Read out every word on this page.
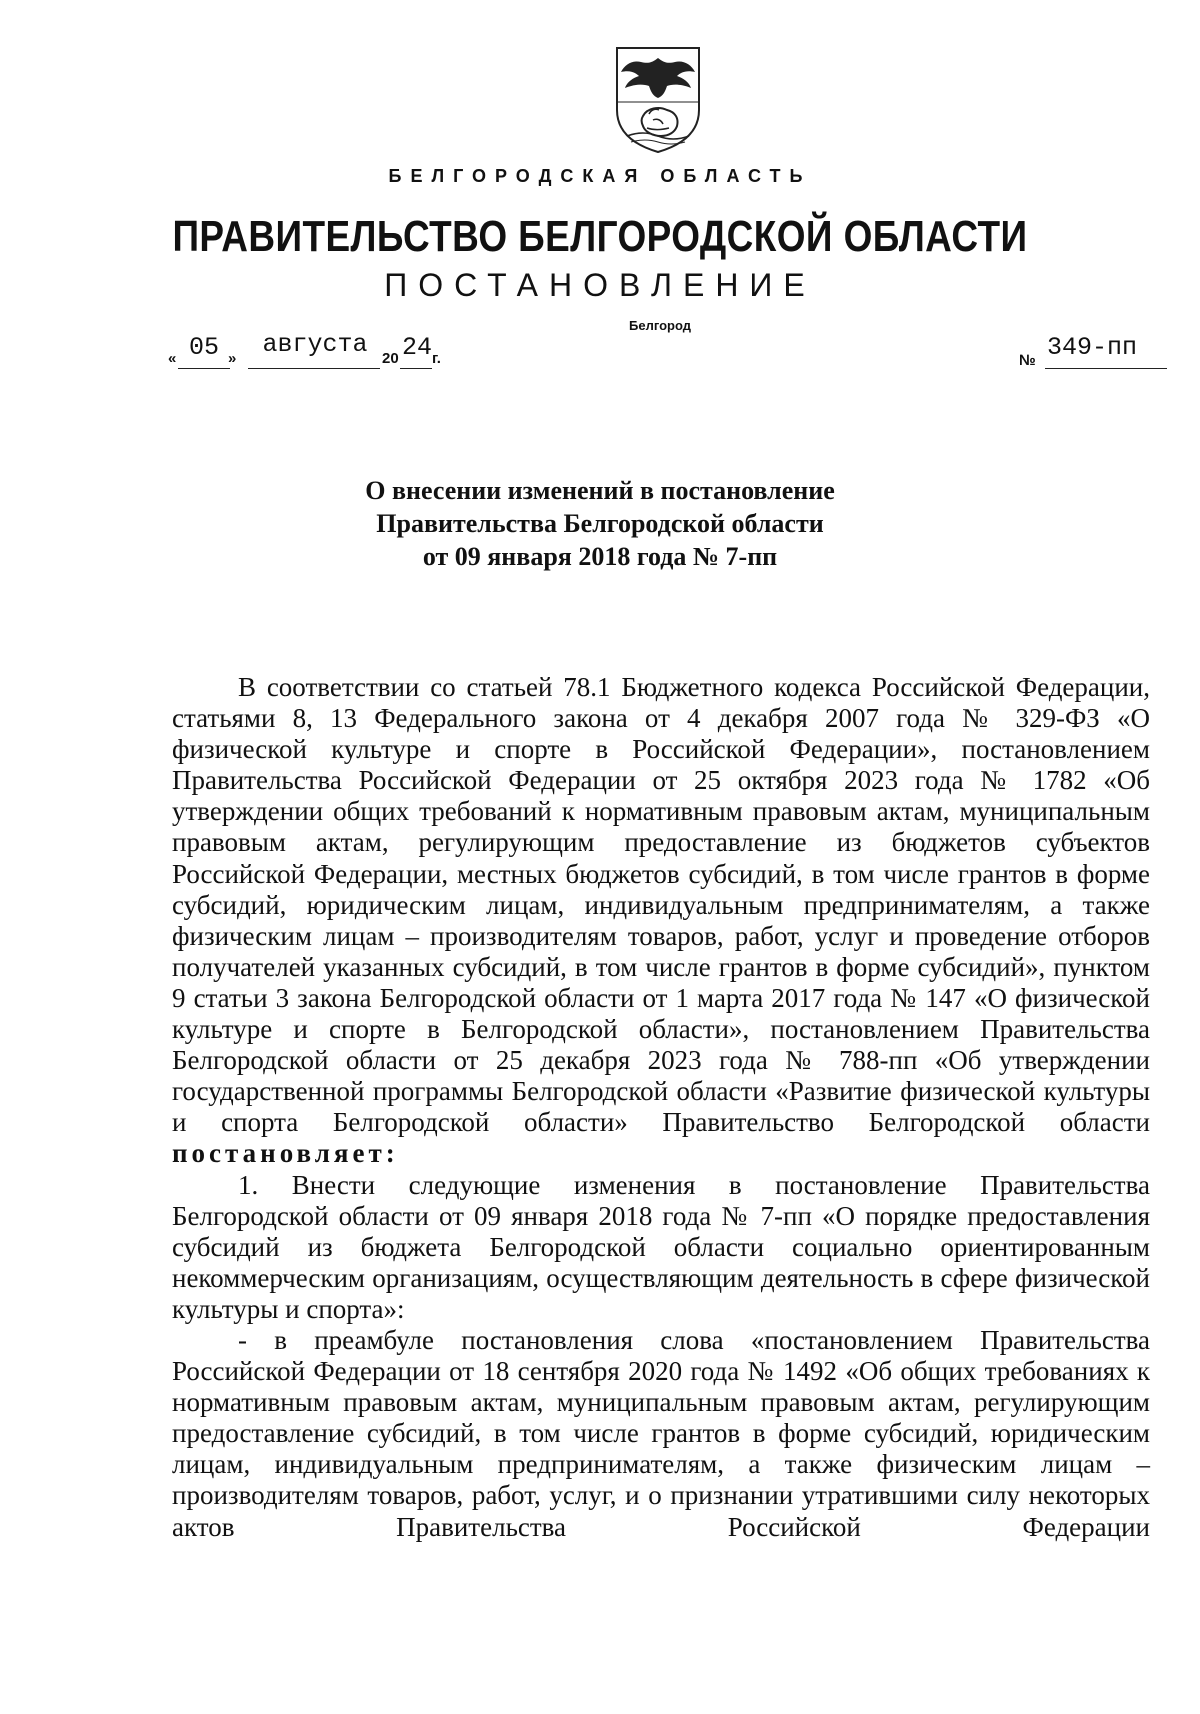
БЕЛГОРОДСКАЯ ОБЛАСТЬ
ПРАВИТЕЛЬСТВО БЕЛГОРОДСКОЙ ОБЛАСТИ
ПОСТАНОВЛЕНИЕ
Белгород
« 05 »	августа 20 24 г.	№ 349-пп
О внесении изменений в постановление
Правительства Белгородской области
от 09 января 2018 года № 7-пп

В соответствии со статьей 78.1 Бюджетного кодекса Российской Федерации, статьями 8, 13 Федерального закона от 4 декабря 2007 года № 329-ФЗ «О физической культуре и спорте в Российской Федерации», постановлением Правительства Российской Федерации от 25 октября 2023 года № 1782 «Об утверждении общих требований к нормативным правовым актам, муниципальным правовым актам, регулирующим предоставление из бюджетов субъектов Российской Федерации, местных бюджетов субсидий, в том числе грантов в форме субсидий, юридическим лицам, индивидуальным предпринимателям, а также физическим лицам – производителям товаров, работ, услуг и проведение отборов получателей указанных субсидий, в том числе грантов в форме субсидий», пунктом 9 статьи 3 закона Белгородской области от 1 марта 2017 года № 147 «О физической культуре и спорте в Белгородской области», постановлением Правительства Белгородской области от 25 декабря 2023 года № 788-пп «Об утверждении государственной программы Белгородской области «Развитие физической культуры и спорта Белгородской области» Правительство Белгородской области постановляет:

1. Внести следующие изменения в постановление Правительства Белгородской области от 09 января 2018 года № 7-пп «О порядке предоставления субсидий из бюджета Белгородской области социально ориентированным некоммерческим организациям, осуществляющим деятельность в сфере физической культуры и спорта»:

- в преамбуле постановления слова «постановлением Правительства Российской Федерации от 18 сентября 2020 года № 1492 «Об общих требованиях к нормативным правовым актам, муниципальным правовым актам, регулирующим предоставление субсидий, в том числе грантов в форме субсидий, юридическим лицам, индивидуальным предпринимателям, а также физическим лицам – производителям товаров, работ, услуг, и о признании утратившими силу некоторых актов Правительства Российской Федерации
